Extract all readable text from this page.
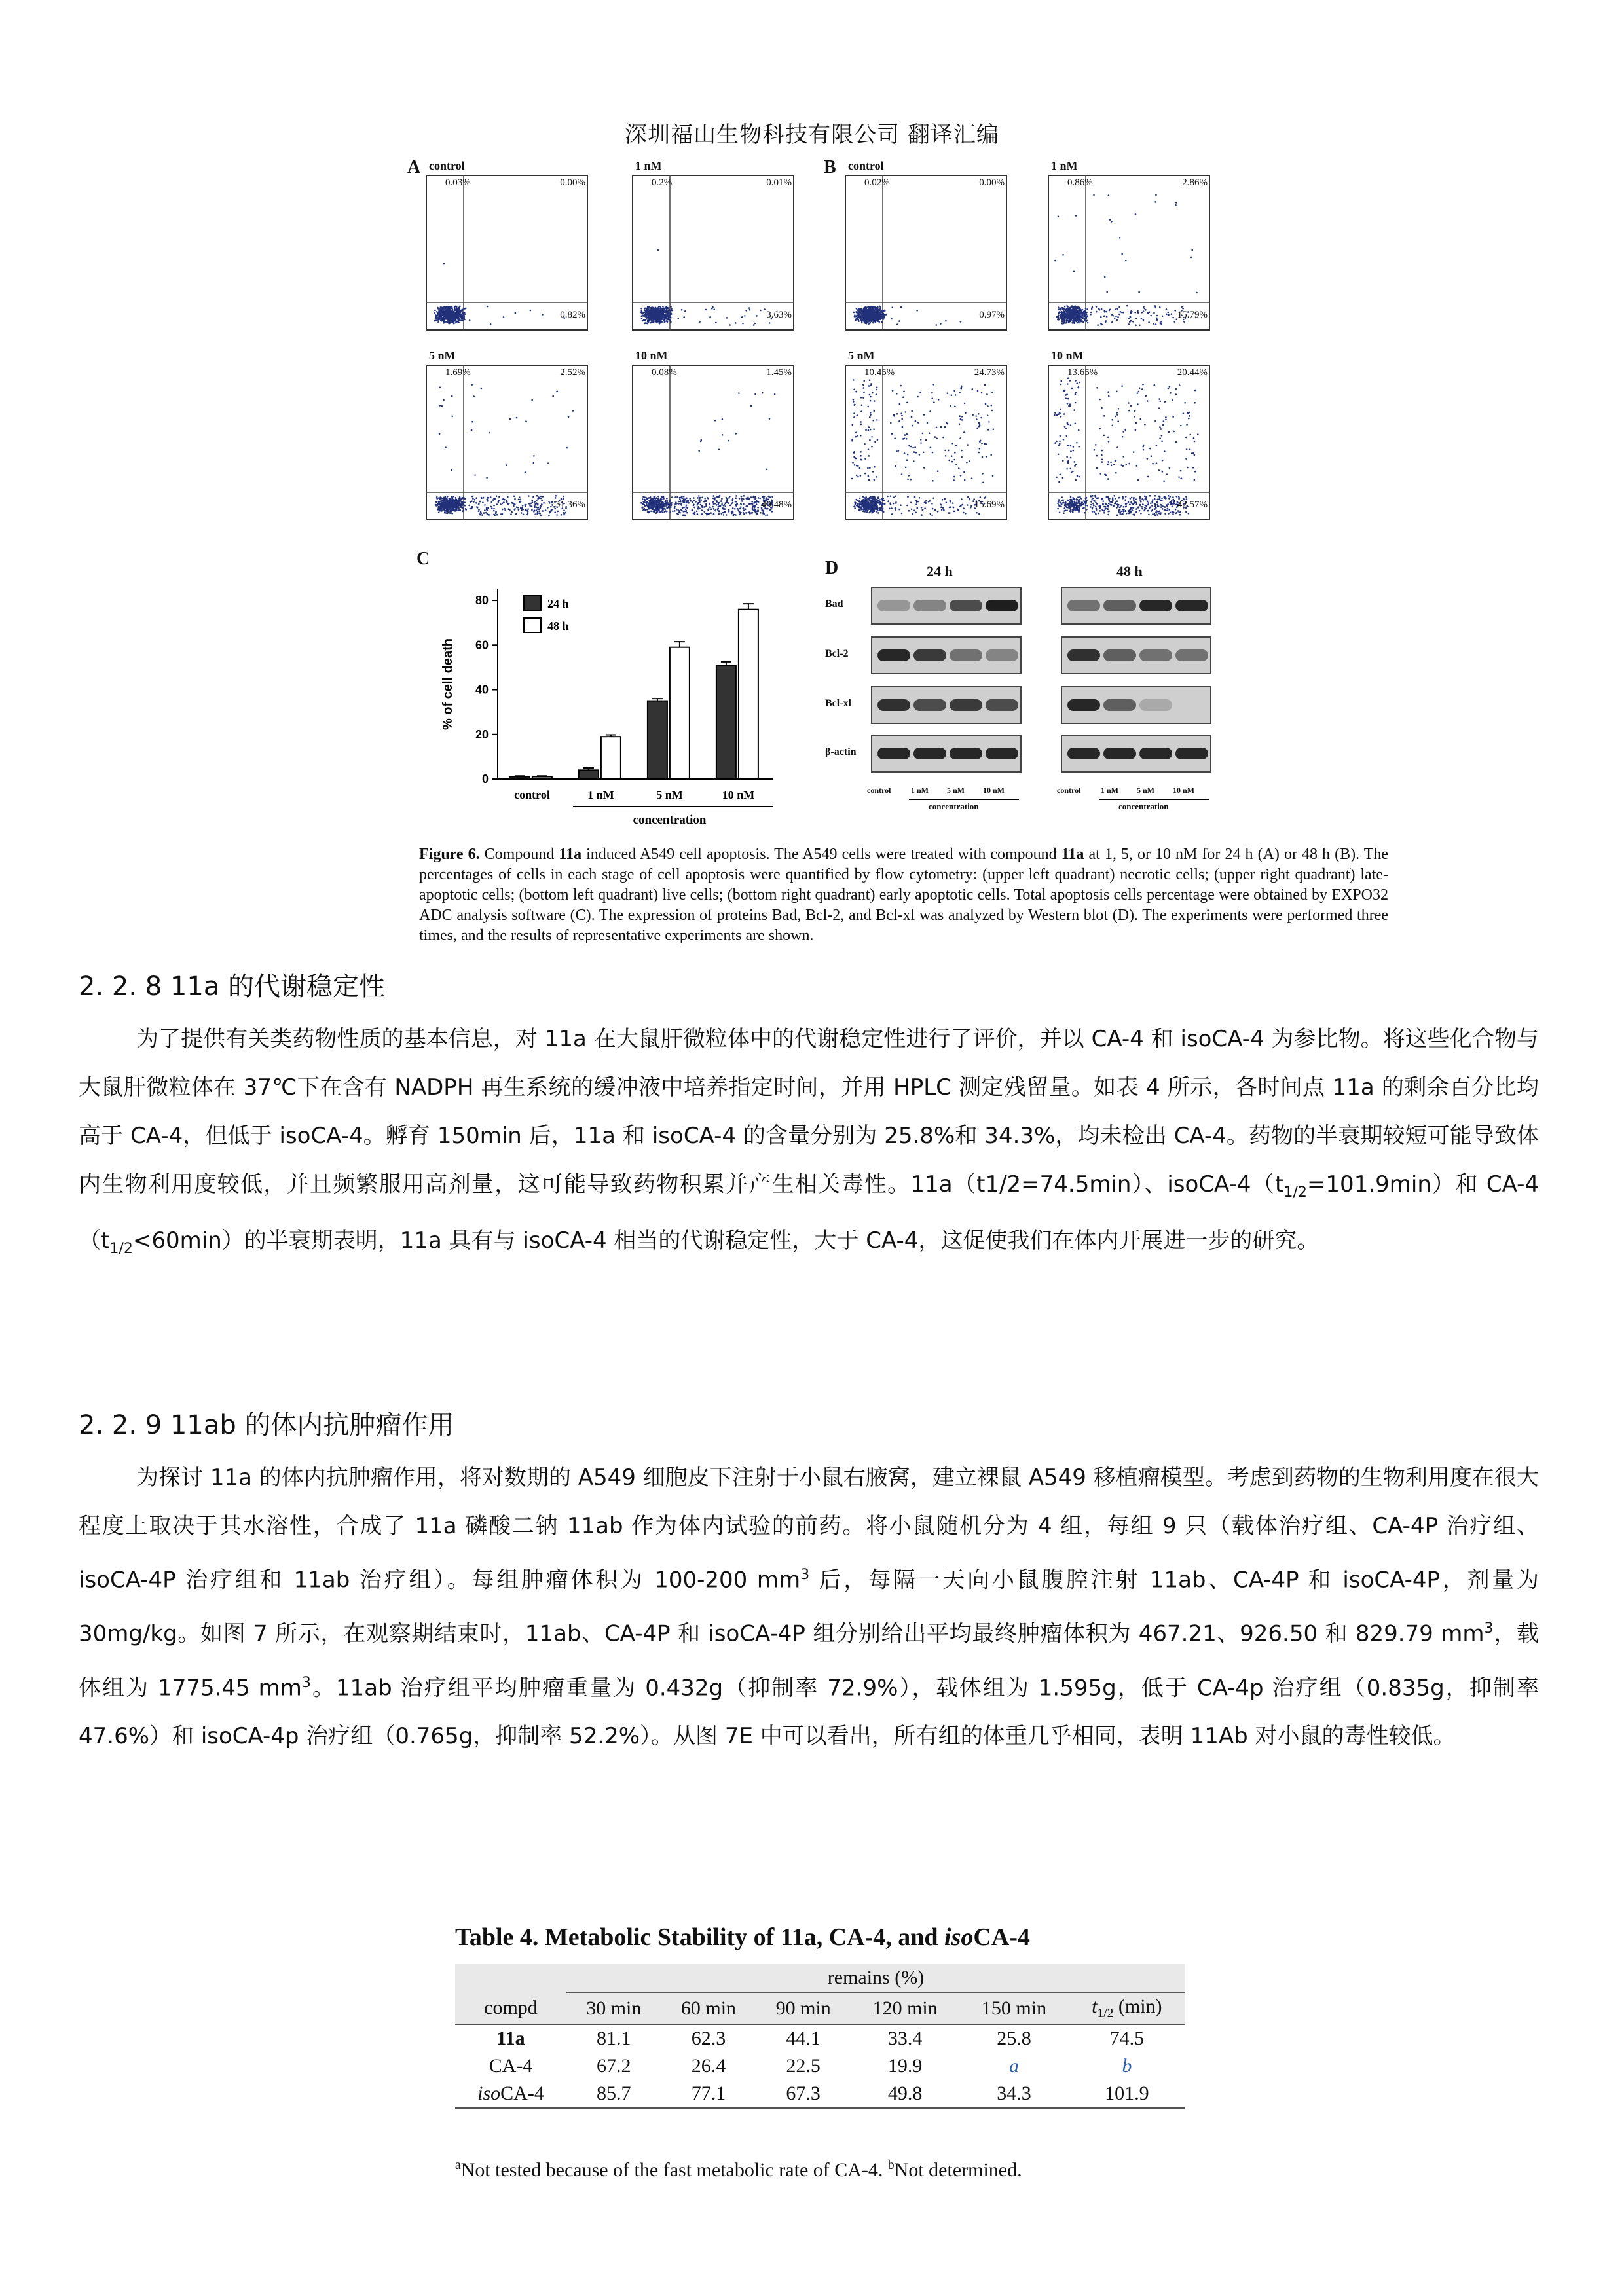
深圳福山生物科技有限公司 翻译汇编
A	B
C	D
control
0.03%	0.00%
0.82%
1 nM
0.2%	0.01%
3.63%
5 nM
1.69%	2.52%
31.36%
10 nM
0.08%	1.45%
49.48%
control
0.02%	0.00%
0.97%
1 nM
0.86%	2.86%
15.79%
5 nM
10.45%	24.73%
15.69%
10 nM
13.65%	20.44%
42.57%
0
20
40
60
80
% of cell death
control	1 nM	5 nM	10 nM
concentration
24 h
48 h
24 h	48 h
Bad
Bcl-2
Bcl-xl
β-actin
control	1 nM 5 nM 10 nM
concentration
control	1 nM 5 nM 10 nM
concentration
Figure 6. Compound 11a induced A549 cell apoptosis. The A549 cells were treated with compound 11a at 1, 5, or 10 nM for 24 h (A) or 48 h (B). The percentages of cells in each stage of cell apoptosis were quantified by flow cytometry: (upper left quadrant) necrotic cells; (upper right quadrant) late-apoptotic cells; (bottom left quadrant) live cells; (bottom right quadrant) early apoptotic cells. Total apoptosis cells percentage were obtained by EXPO32 ADC analysis software (C). The expression of proteins Bad, Bcl-2, and Bcl-xl was analyzed by Western blot (D). The experiments were performed three times, and the results of representative experiments are shown.
2. 2. 8 11a 的代谢稳定性

为了提供有关类药物性质的基本信息，对 11a 在大鼠肝微粒体中的代谢稳定性进行了评价，并以 CA-4 和 isoCA-4 为参比物。将这些化合物与大鼠肝微粒体在 37℃下在含有 NADPH 再生系统的缓冲液中培养指定时间，并用 HPLC 测定残留量。如表 4 所示，各时间点 11a 的剩余百分比均高于 CA-4，但低于 isoCA-4。孵育 150min 后，11a 和 isoCA-4 的含量分别为 25.8%和 34.3%，均未检出 CA-4。药物的半衰期较短可能导致体内生物利用度较低，并且频繁服用高剂量，这可能导致药物积累并产生相关毒性。11a（t1/2=74.5min）、isoCA-$4(t_{1/2}=101.9\min)$和 $CA-4(t_{1/2}<60\min)$的半衰期表明，11a 具有与 isoCA-4 相当的代谢稳定性，大于 CA-4，这促使我们在体内开展进一步的研究。

2. 2. 9 11ab 的体内抗肿瘤作用

为探讨 11a 的体内抗肿瘤作用，将对数期的 A549 细胞皮下注射于小鼠右腋窝，建立裸鼠 A549 移植瘤模型。考虑到药物的生物利用度在很大程度上取决于其水溶性，合成了 11a 磷酸二钠 11ab 作为体内试验的前药。将小鼠随机分为 4 组，每组 9 只（载体治疗组、CA-4P 治疗组、isoCA-4P 治疗组和 11ab 治疗组）。每组肿瘤体积为 100-200 $mm^3$ 后，每隔一天向小鼠腹腔注射 11ab、CA-4P 和 isoCA-4P，剂量为 30mg/kg。如图 7 所示，在观察期结束时，11ab、CA-4P 和 isoCA-4P 组分别给出平均最终肿瘤体积为 467.21、926.50 和 829.79 $mm^3$，载体组为 1775.45 $mm^3$。11ab 治疗组平均肿瘤重量为 0.432g（抑制率 72.9%），载体组为 1.595g，低于 CA-4p 治疗组（0.835g，抑制率 47.6%）和 isoCA-4p 治疗组（0.765g，抑制率 52.2%）。从图 7E 中可以看出，所有组的体重几乎相同，表明 11Ab 对小鼠的毒性较低。

Table 4. Metabolic Stability of 11a, CA-4, and isoCA-4
	remains (%)					
compd	30 min	60 min	90 min	120 min	150 min	$t_{1/2}$ (min)
11a	81.1	62.3	44.1	33.4	25.8	74.5
CA-4	67.2	26.4	22.5	19.9	a	b
isoCA-4	85.7	77.1	67.3	49.8	34.3	101.9
$^a$Not tested because of the fast metabolic rate of CA-4. $^b$Not determined.
